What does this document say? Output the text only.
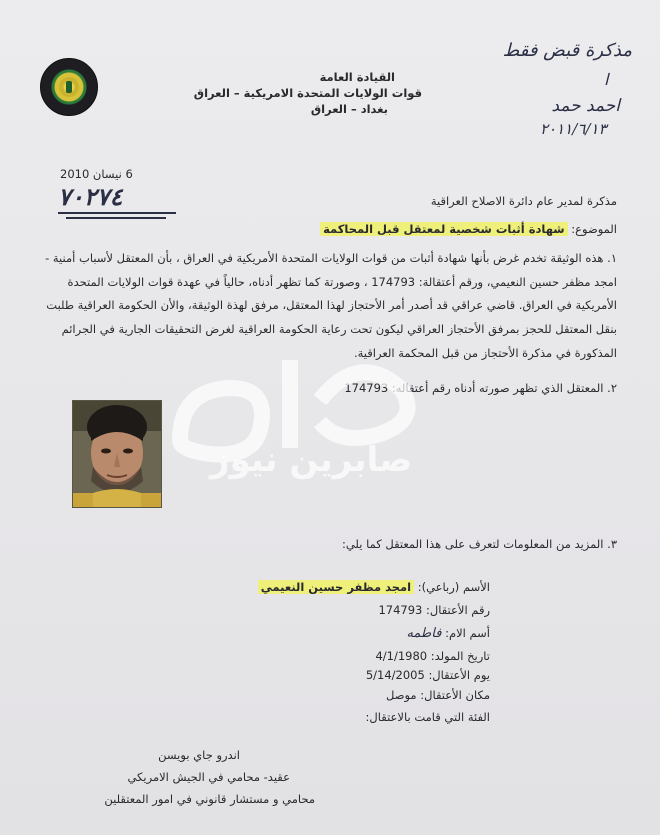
القيادة العامة
قوات الولايات المتحدة الامريكية – العراق
بغداد – العراق
مذكرة قبض فقط
ا
احمد حمد
٢٠١١/٦/١٣
6 نيسان 2010
٧٠٢٧٤	مذكرة لمدير عام دائرة الاصلاح العراقية
الموضوع: شهادة أثبات شخصية لمعتقل قبل المحاكمة
١. هذه الوثيقة تخدم غرض بأنها شهادة أثبات من قوات الولايات المتحدة الأمريكية في العراق ، بأن المعتقل لأسباب أمنية -
امجد مظفر حسين النعيمي، ورقم أعتقالة: 174793 ، وصورتة كما تظهر أدناه، حالياً في عهدة قوات الولايات المتحدة
الأمريكية في العراق. قاضي عراقي قد أصدر أمر الأحتجاز لهذا المعتقل، مرفق لهذة الوثيقة، والأن الحكومة العراقية طلبت
بنقل المعتقل للحجز بمرفق الأحتجاز العراقي ليكون تحت رعاية الحكومة العراقية لغرض التحقيقات الجارية في الجرائم
المذكورة في مذكرة الأحتجاز من قبل المحكمة العراقية.
٢. المعتقل الذي تظهر صورته أدناه رقم أعتقاله: 174793
٣. المزيد من المعلومات لتعرف على هذا المعتقل كما يلي:
الأسم (رباعي): امجد مظفر حسين النعيمي
رقم الأعتقال: 174793
أسم الام: فاطمه
تاريخ المولد: 4/1/1980
يوم الأعتقال: 5/14/2005
مكان الأعتقال: موصل
الفئة التي قامت بالاعتقال:
اندرو جاي بويسن
عقيد- محامي في الجيش الامريكي
محامي و مستشار قانوني في امور المعتقلين
صابرين نيوز
